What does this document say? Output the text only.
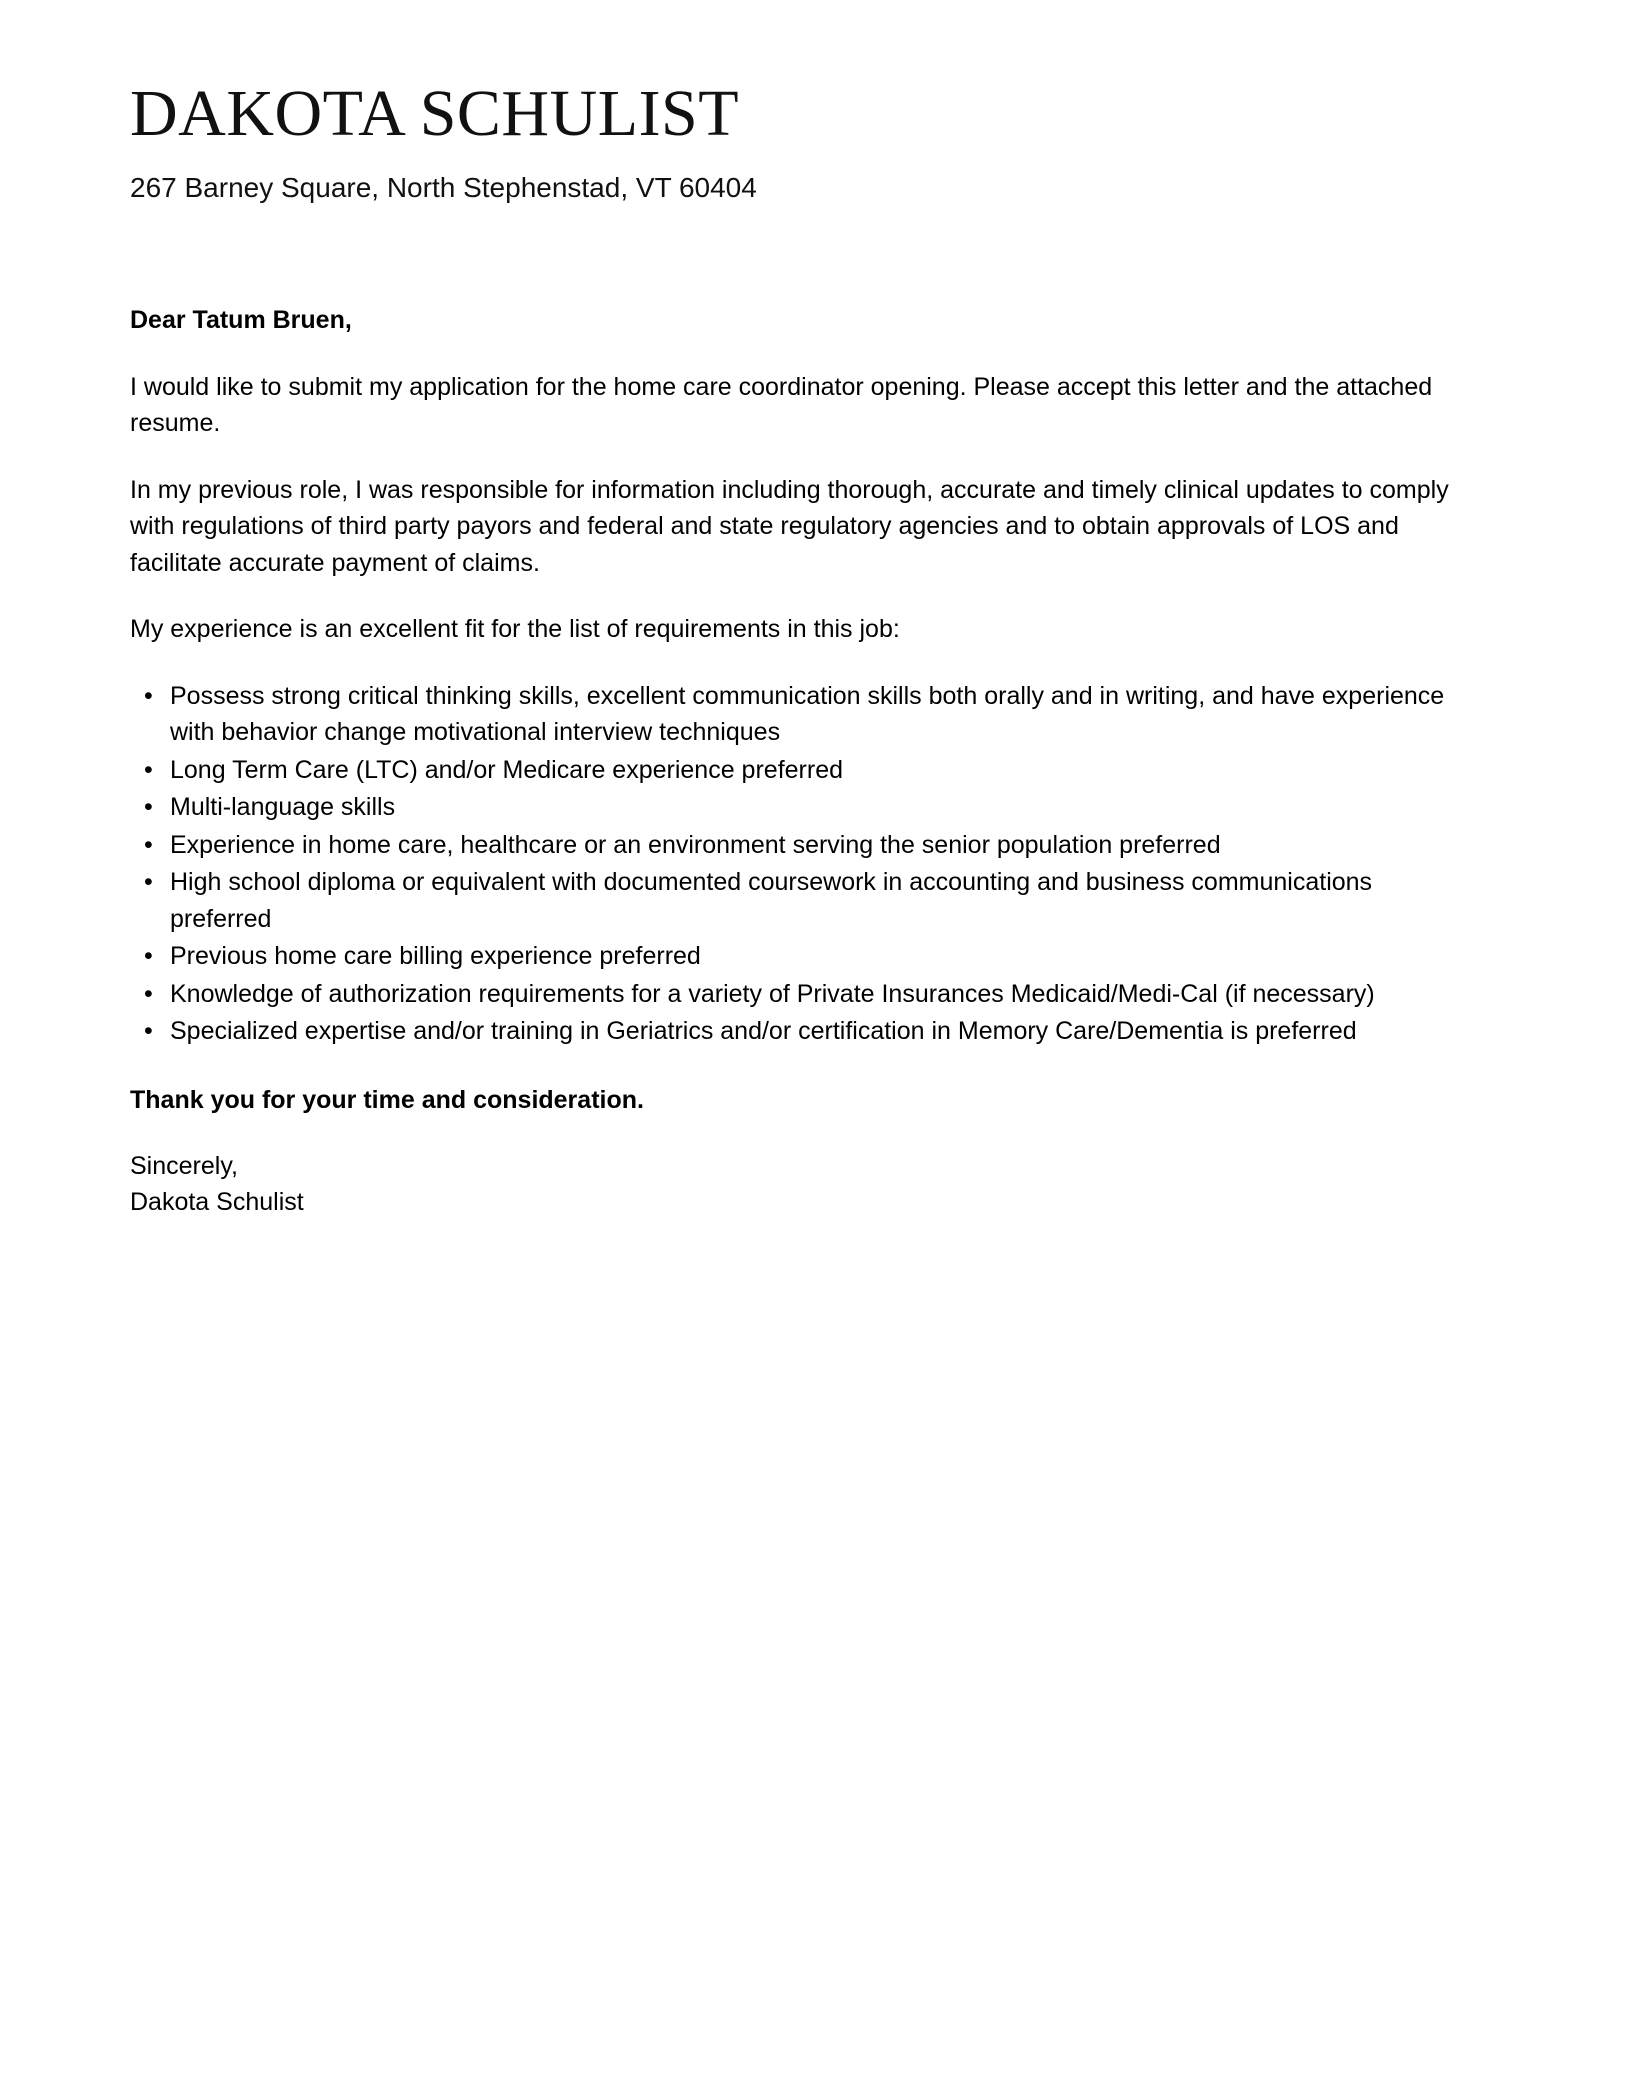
DAKOTA SCHULIST
267 Barney Square, North Stephenstad, VT 60404

Dear Tatum Bruen,

I would like to submit my application for the home care coordinator opening. Please accept this letter and the attached resume.

In my previous role, I was responsible for information including thorough, accurate and timely clinical updates to comply with regulations of third party payors and federal and state regulatory agencies and to obtain approvals of LOS and facilitate accurate payment of claims.

My experience is an excellent fit for the list of requirements in this job:

• Possess strong critical thinking skills, excellent communication skills both orally and in writing, and have experience with behavior change motivational interview techniques
• Long Term Care (LTC) and/or Medicare experience preferred
• Multi-language skills
• Experience in home care, healthcare or an environment serving the senior population preferred
• High school diploma or equivalent with documented coursework in accounting and business communications preferred
• Previous home care billing experience preferred
• Knowledge of authorization requirements for a variety of Private Insurances Medicaid/Medi-Cal (if necessary)
• Specialized expertise and/or training in Geriatrics and/or certification in Memory Care/Dementia is preferred

Thank you for your time and consideration.

Sincerely,
Dakota Schulist
